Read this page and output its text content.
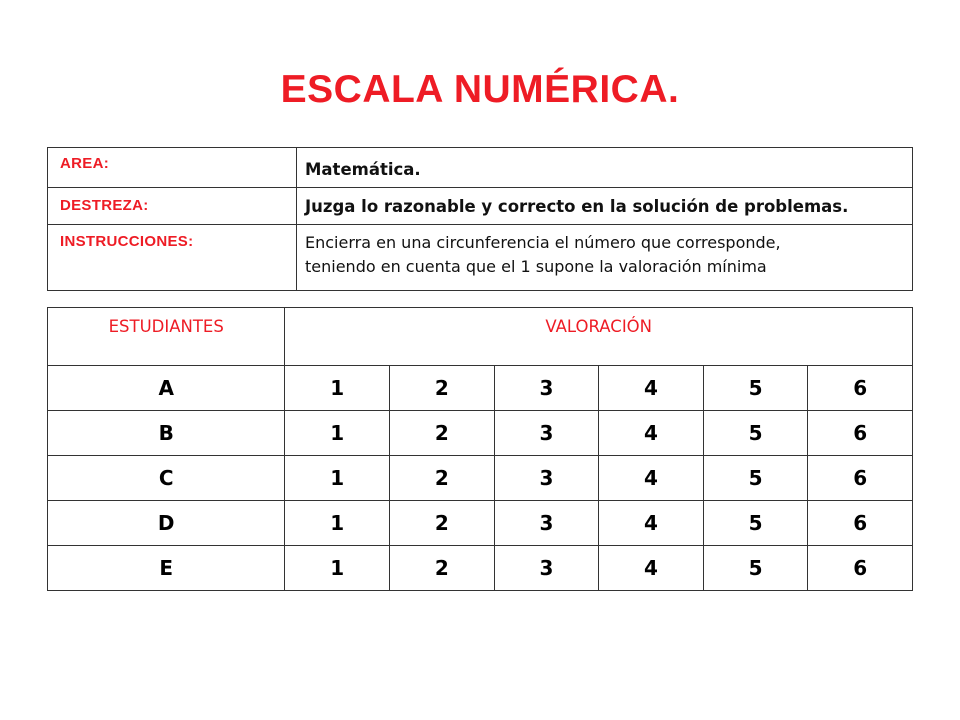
ESCALA NUMÉRICA.
AREA:	Matemática.
DESTREZA:	Juzga lo razonable y correcto en la solución de problemas.
INSTRUCCIONES:	Encierra en una circunferencia el número que corresponde,
teniendo en cuenta que el 1 supone la valoración mínima
ESTUDIANTES	VALORACIÓN					
A	1	2	3	4	5	6
B	1	2	3	4	5	6
C	1	2	3	4	5	6
D	1	2	3	4	5	6
E	1	2	3	4	5	6
